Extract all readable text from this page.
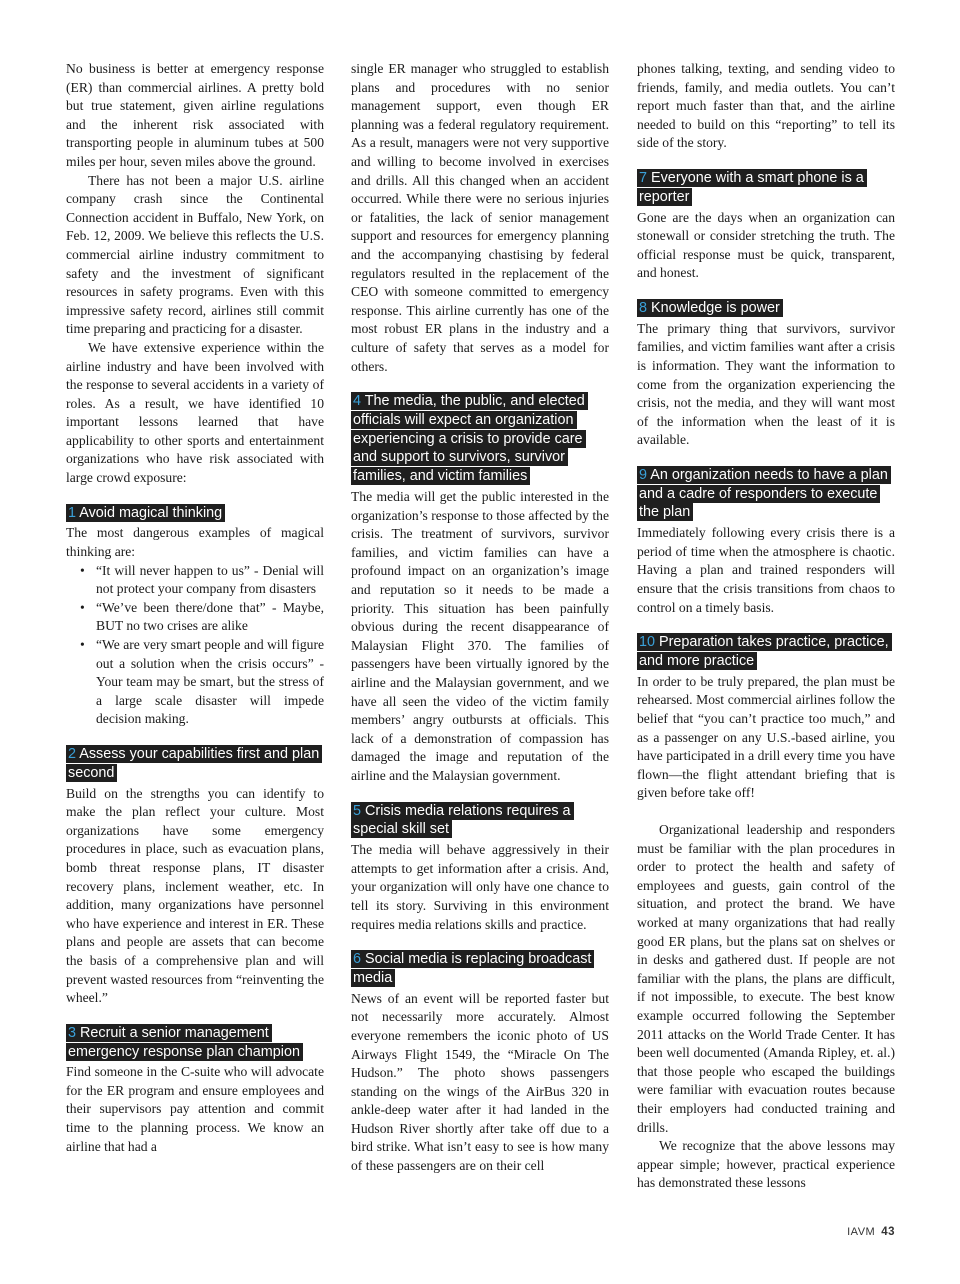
No business is better at emergency response (ER) than commercial airlines. A pretty bold but true statement, given airline regulations and the inherent risk associated with transporting people in aluminum tubes at 500 miles per hour, seven miles above the ground.

There has not been a major U.S. airline company crash since the Continental Connection accident in Buffalo, New York, on Feb. 12, 2009. We believe this reflects the U.S. commercial airline industry commitment to safety and the investment of significant resources in safety programs. Even with this impressive safety record, airlines still commit time preparing and practicing for a disaster.

We have extensive experience within the airline industry and have been involved with the response to several accidents in a variety of roles. As a result, we have identified 10 important lessons learned that have applicability to other sports and entertainment organizations who have risk associated with large crowd exposure:

1 Avoid magical thinking

The most dangerous examples of magical thinking are:

• “It will never happen to us” - Denial will not protect your company from disasters
• “We’ve been there/done that” - Maybe, BUT no two crises are alike
• “We are very smart people and will figure out a solution when the crisis occurs” - Your team may be smart, but the stress of a large scale disaster will impede decision making.
2 Assess your capabilities first and plan second

Build on the strengths you can identify to make the plan reflect your culture. Most organizations have some emergency procedures in place, such as evacuation plans, bomb threat response plans, IT disaster recovery plans, inclement weather, etc. In addition, many organizations have personnel who have experience and interest in ER. These plans and people are assets that can become the basis of a comprehensive plan and will prevent wasted resources from “reinventing the wheel.”

3 Recruit a senior management emergency response plan champion

Find someone in the C-suite who will advocate for the ER program and ensure employees and their supervisors pay attention and commit time to the planning process. We know an airline that had a

single ER manager who struggled to establish plans and procedures with no senior management support, even though ER planning was a federal regulatory requirement. As a result, managers were not very supportive and willing to become involved in exercises and drills. All this changed when an accident occurred. While there were no serious injuries or fatalities, the lack of senior management support and resources for emergency planning and the accompanying chastising by federal regulators resulted in the replacement of the CEO with someone committed to emergency response. This airline currently has one of the most robust ER plans in the industry and a culture of safety that serves as a model for others.

4 The media, the public, and elected officials will expect an organization experiencing a crisis to provide care and support to survivors, survivor families, and victim families

The media will get the public interested in the organization’s response to those affected by the crisis. The treatment of survivors, survivor families, and victim families can have a profound impact on an organization’s image and reputation so it needs to be made a priority. This situation has been painfully obvious during the recent disappearance of Malaysian Flight 370. The families of passengers have been virtually ignored by the airline and the Malaysian government, and we have all seen the video of the victim family members’ angry outbursts at officials. This lack of a demonstration of compassion has damaged the image and reputation of the airline and the Malaysian government.

5 Crisis media relations requires a special skill set

The media will behave aggressively in their attempts to get information after a crisis. And, your organization will only have one chance to tell its story. Surviving in this environment requires media relations skills and practice.

6 Social media is replacing broadcast media

News of an event will be reported faster but not necessarily more accurately. Almost everyone remembers the iconic photo of US Airways Flight 1549, the “Miracle On The Hudson.” The photo shows passengers standing on the wings of the AirBus 320 in ankle-deep water after it had landed in the Hudson River shortly after take off due to a bird strike. What isn’t easy to see is how many of these passengers are on their cell

phones talking, texting, and sending video to friends, family, and media outlets. You can’t report much faster than that, and the airline needed to build on this “reporting” to tell its side of the story.

7 Everyone with a smart phone is a reporter

Gone are the days when an organization can stonewall or consider stretching the truth. The official response must be quick, transparent, and honest.

8 Knowledge is power

The primary thing that survivors, survivor families, and victim families want after a crisis is information. They want the information to come from the organization experiencing the crisis, not the media, and they will want most of the information when the least of it is available.

9 An organization needs to have a plan and a cadre of responders to execute the plan

Immediately following every crisis there is a period of time when the atmosphere is chaotic. Having a plan and trained responders will ensure that the crisis transitions from chaos to control on a timely basis.

10 Preparation takes practice, practice, and more practice

In order to be truly prepared, the plan must be rehearsed. Most commercial airlines follow the belief that “you can’t practice too much,” and as a passenger on any U.S.-based airline, you have participated in a drill every time you have flown—the flight attendant briefing that is given before take off!

Organizational leadership and responders must be familiar with the plan procedures in order to protect the health and safety of employees and guests, gain control of the situation, and protect the brand. We have worked at many organizations that had really good ER plans, but the plans sat on shelves or in desks and gathered dust. If people are not familiar with the plans, the plans are difficult, if not impossible, to execute. The best know example occurred following the September 2011 attacks on the World Trade Center. It has been well documented (Amanda Ripley, et. al.) that those people who escaped the buildings were familiar with evacuation routes because their employers had conducted training and drills.

We recognize that the above lessons may appear simple; however, practical experience has demonstrated these lessons

IAVM 43
